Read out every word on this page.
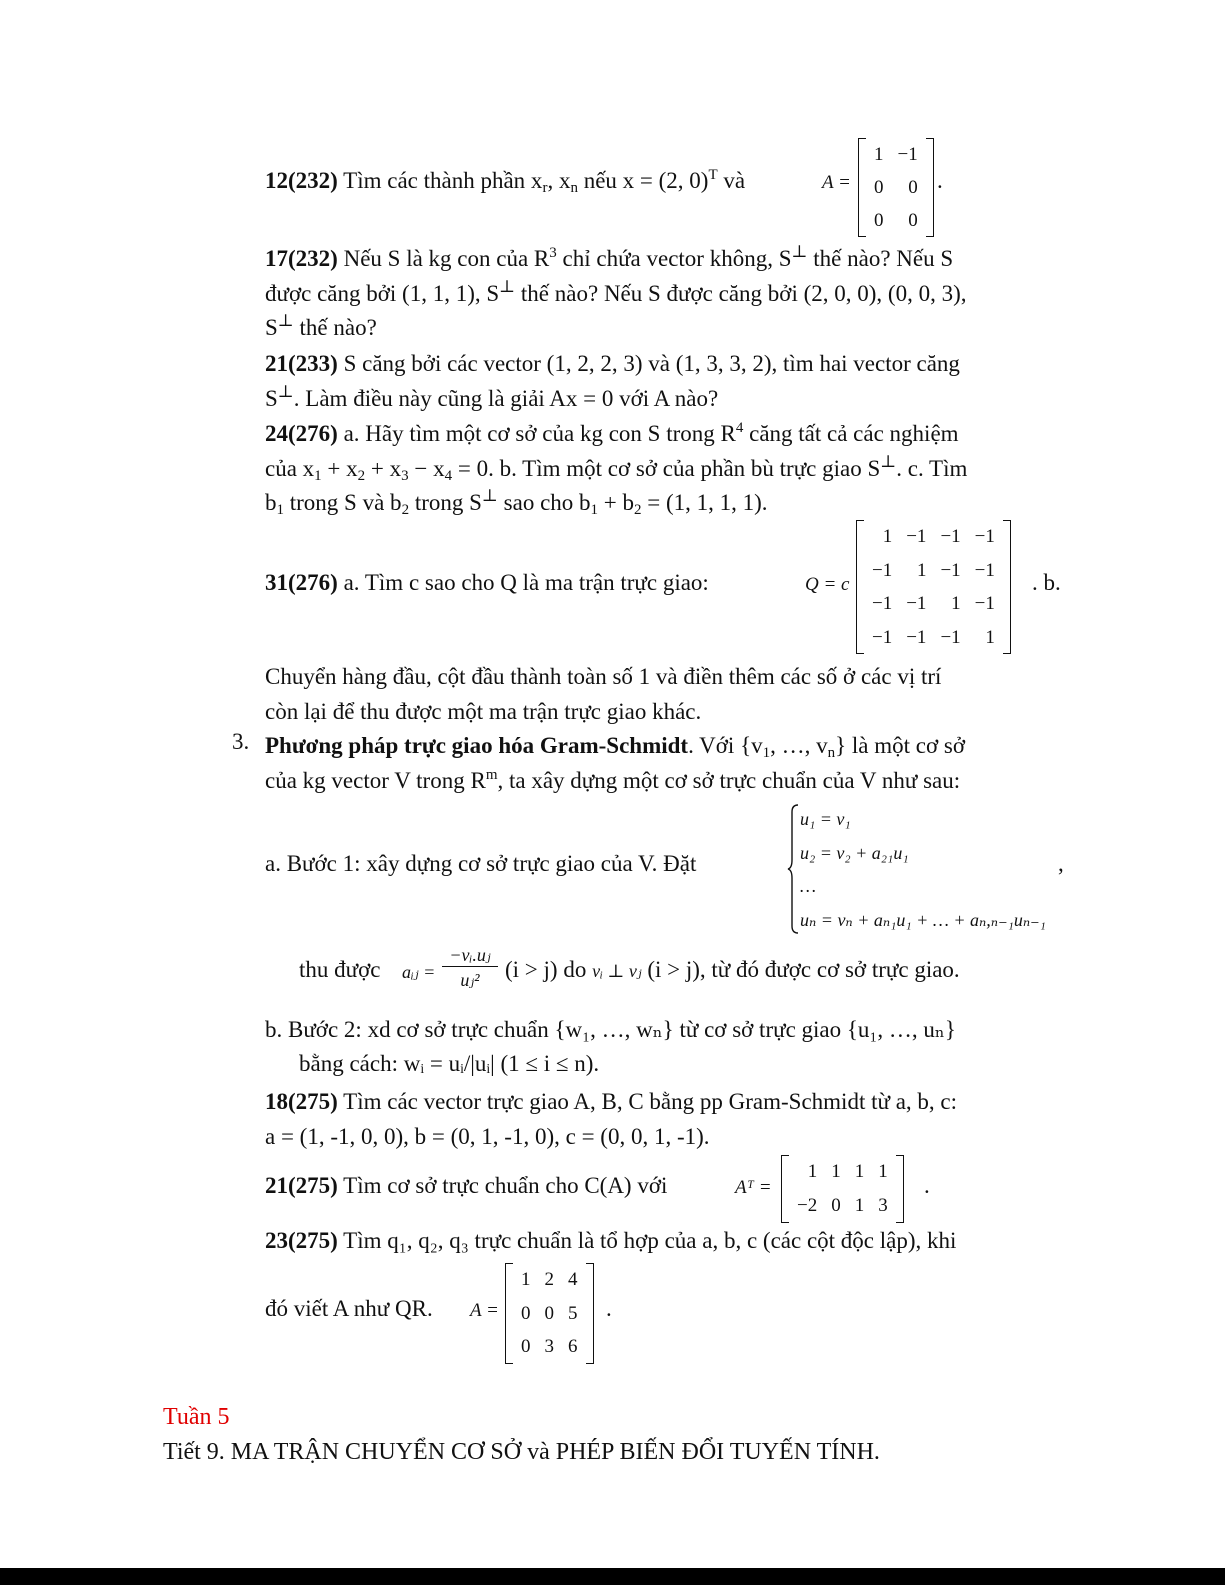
12(232) Tìm các thành phần $x_r$, $x_n$ nếu x = (2, 0)$^T$ và	A =
1 −1
0	0
0	0
.
17(232) Nếu S là kg con của $R^3$ chỉ chứa vector không, S⊥ thế nào? Nếu S
được căng bởi (1, 1, 1), S⊥ thế nào? Nếu S được căng bởi (2, 0, 0), (0, 0, 3),
S⊥ thế nào?
21(233) S căng bởi các vector (1, 2, 2, 3) và (1, 3, 3, 2), tìm hai vector căng
S⊥. Làm điều này cũng là giải Ax = 0 với A nào?
24(276) a. Hãy tìm một cơ sở của kg con S trong $R^4$ căng tất cả các nghiệm
của $x_1 + x_2 + x_3 - x_4 = 0$. b. Tìm một cơ sở của phần bù trực giao S⊥. c. Tìm
$b_1$ trong S và $b_2$ trong S⊥ sao cho $b_1 + b_2 = (1$, 1, 1, 1).
31(276) a. Tìm c sao cho Q là ma trận trực giao:	Q = c
1 −1 −1 −1
−1	1 −1 −1
−1 −1	1 −1
−1 −1 −1	1
. b.
Chuyển hàng đầu, cột đầu thành toàn số 1 và điền thêm các số ở các vị trí
còn lại để thu được một ma trận trực giao khác.
3. Phương pháp trực giao hóa Gram-Schmidt. Với {$v_1$, …, $v_n$} là một cơ sở
của kg vector V trong $R^m$, ta xây dựng một cơ sở trực chuẩn của V như sau:
a. Bước 1: xây dựng cơ sở trực giao của V. Đặt
u₁ = v₁
u₂ = v₂ + a₂₁u₁
…
uₙ = vₙ + aₙ₁u₁ + … + aₙ,ₙ₋₁uₙ₋₁
,
thu được aᵢⱼ = $\frac{\text{−vᵢ.uⱼ}}{\text{uⱼ²}} (i > j)$ do vᵢ ⊥ vⱼ (i > j), từ đó được cơ sở trực giao.
b. Bước 2: xd cơ sở trực chuẩn {w₁, …, wₙ} từ cơ sở trực giao {u₁, …, uₙ}
bằng cách: wᵢ = uᵢ/|uᵢ| (1 ≤ i ≤ n).
18(275) Tìm các vector trực giao A, B, C bằng pp Gram-Schmidt từ a, b, c:
a = (1, -1, 0, 0), b = (0, 1, -1, 0), c = (0, 0, 1, -1).
21(275) Tìm cơ sở trực chuẩn cho C(A) với	Aᵀ =
1 1 1 1
−2 0 1 3
.
23(275) Tìm q₁, q₂, q₃ trực chuẩn là tổ hợp của a, b, c (các cột độc lập), khi
đó viết A như QR. A =
1 2 4
0 0 5
0 3 6
.
Tuần 5
Tiết 9. MA TRẬN CHUYỂN CƠ SỞ và PHÉP BIẾN ĐỔI TUYẾN TÍNH.
